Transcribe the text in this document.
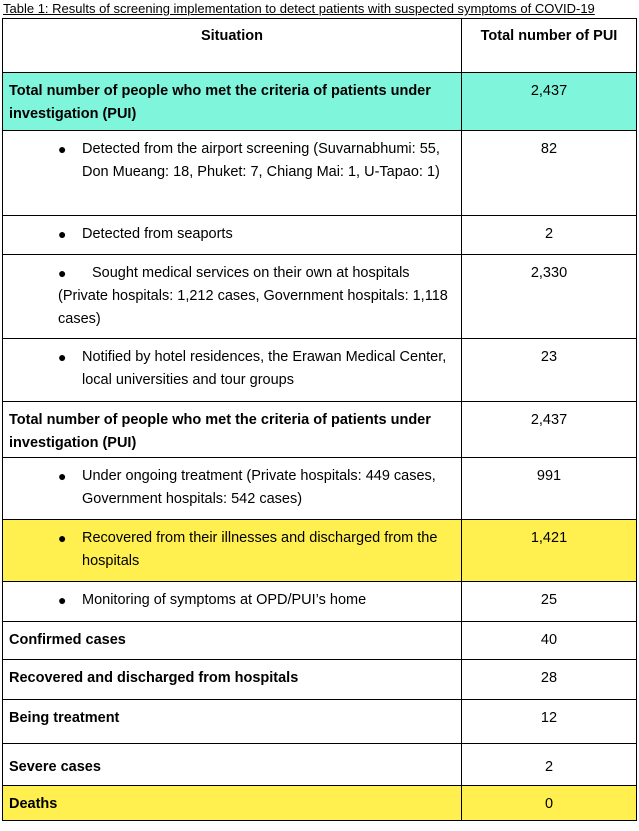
Table 1: Results of screening implementation to detect patients with suspected symptoms of COVID-19
Situation	Total number of PUI
Total number of people who met the criteria of patients under investigation (PUI)	2,437

● Detected from the airport screening (Suvarnabhumi: 55, Don Mueang: 18, Phuket: 7, Chiang Mai: 1, U-Tapao: 1)	82

● Detected from seaports	2

● Sought medical services on their own at hospitals (Private hospitals: 1,212 cases, Government hospitals: 1,118 cases)	2,330

● Notified by hotel residences, the Erawan Medical Center, local universities and tour groups	23
Total number of people who met the criteria of patients under investigation (PUI)	2,437

● Under ongoing treatment (Private hospitals: 449 cases, Government hospitals: 542 cases)	991

● Recovered from their illnesses and discharged from the hospitals	1,421

● Monitoring of symptoms at OPD/PUI’s home	25
Confirmed cases	40
Recovered and discharged from hospitals	28
Being treatment	12
Severe cases	2
Deaths	0
